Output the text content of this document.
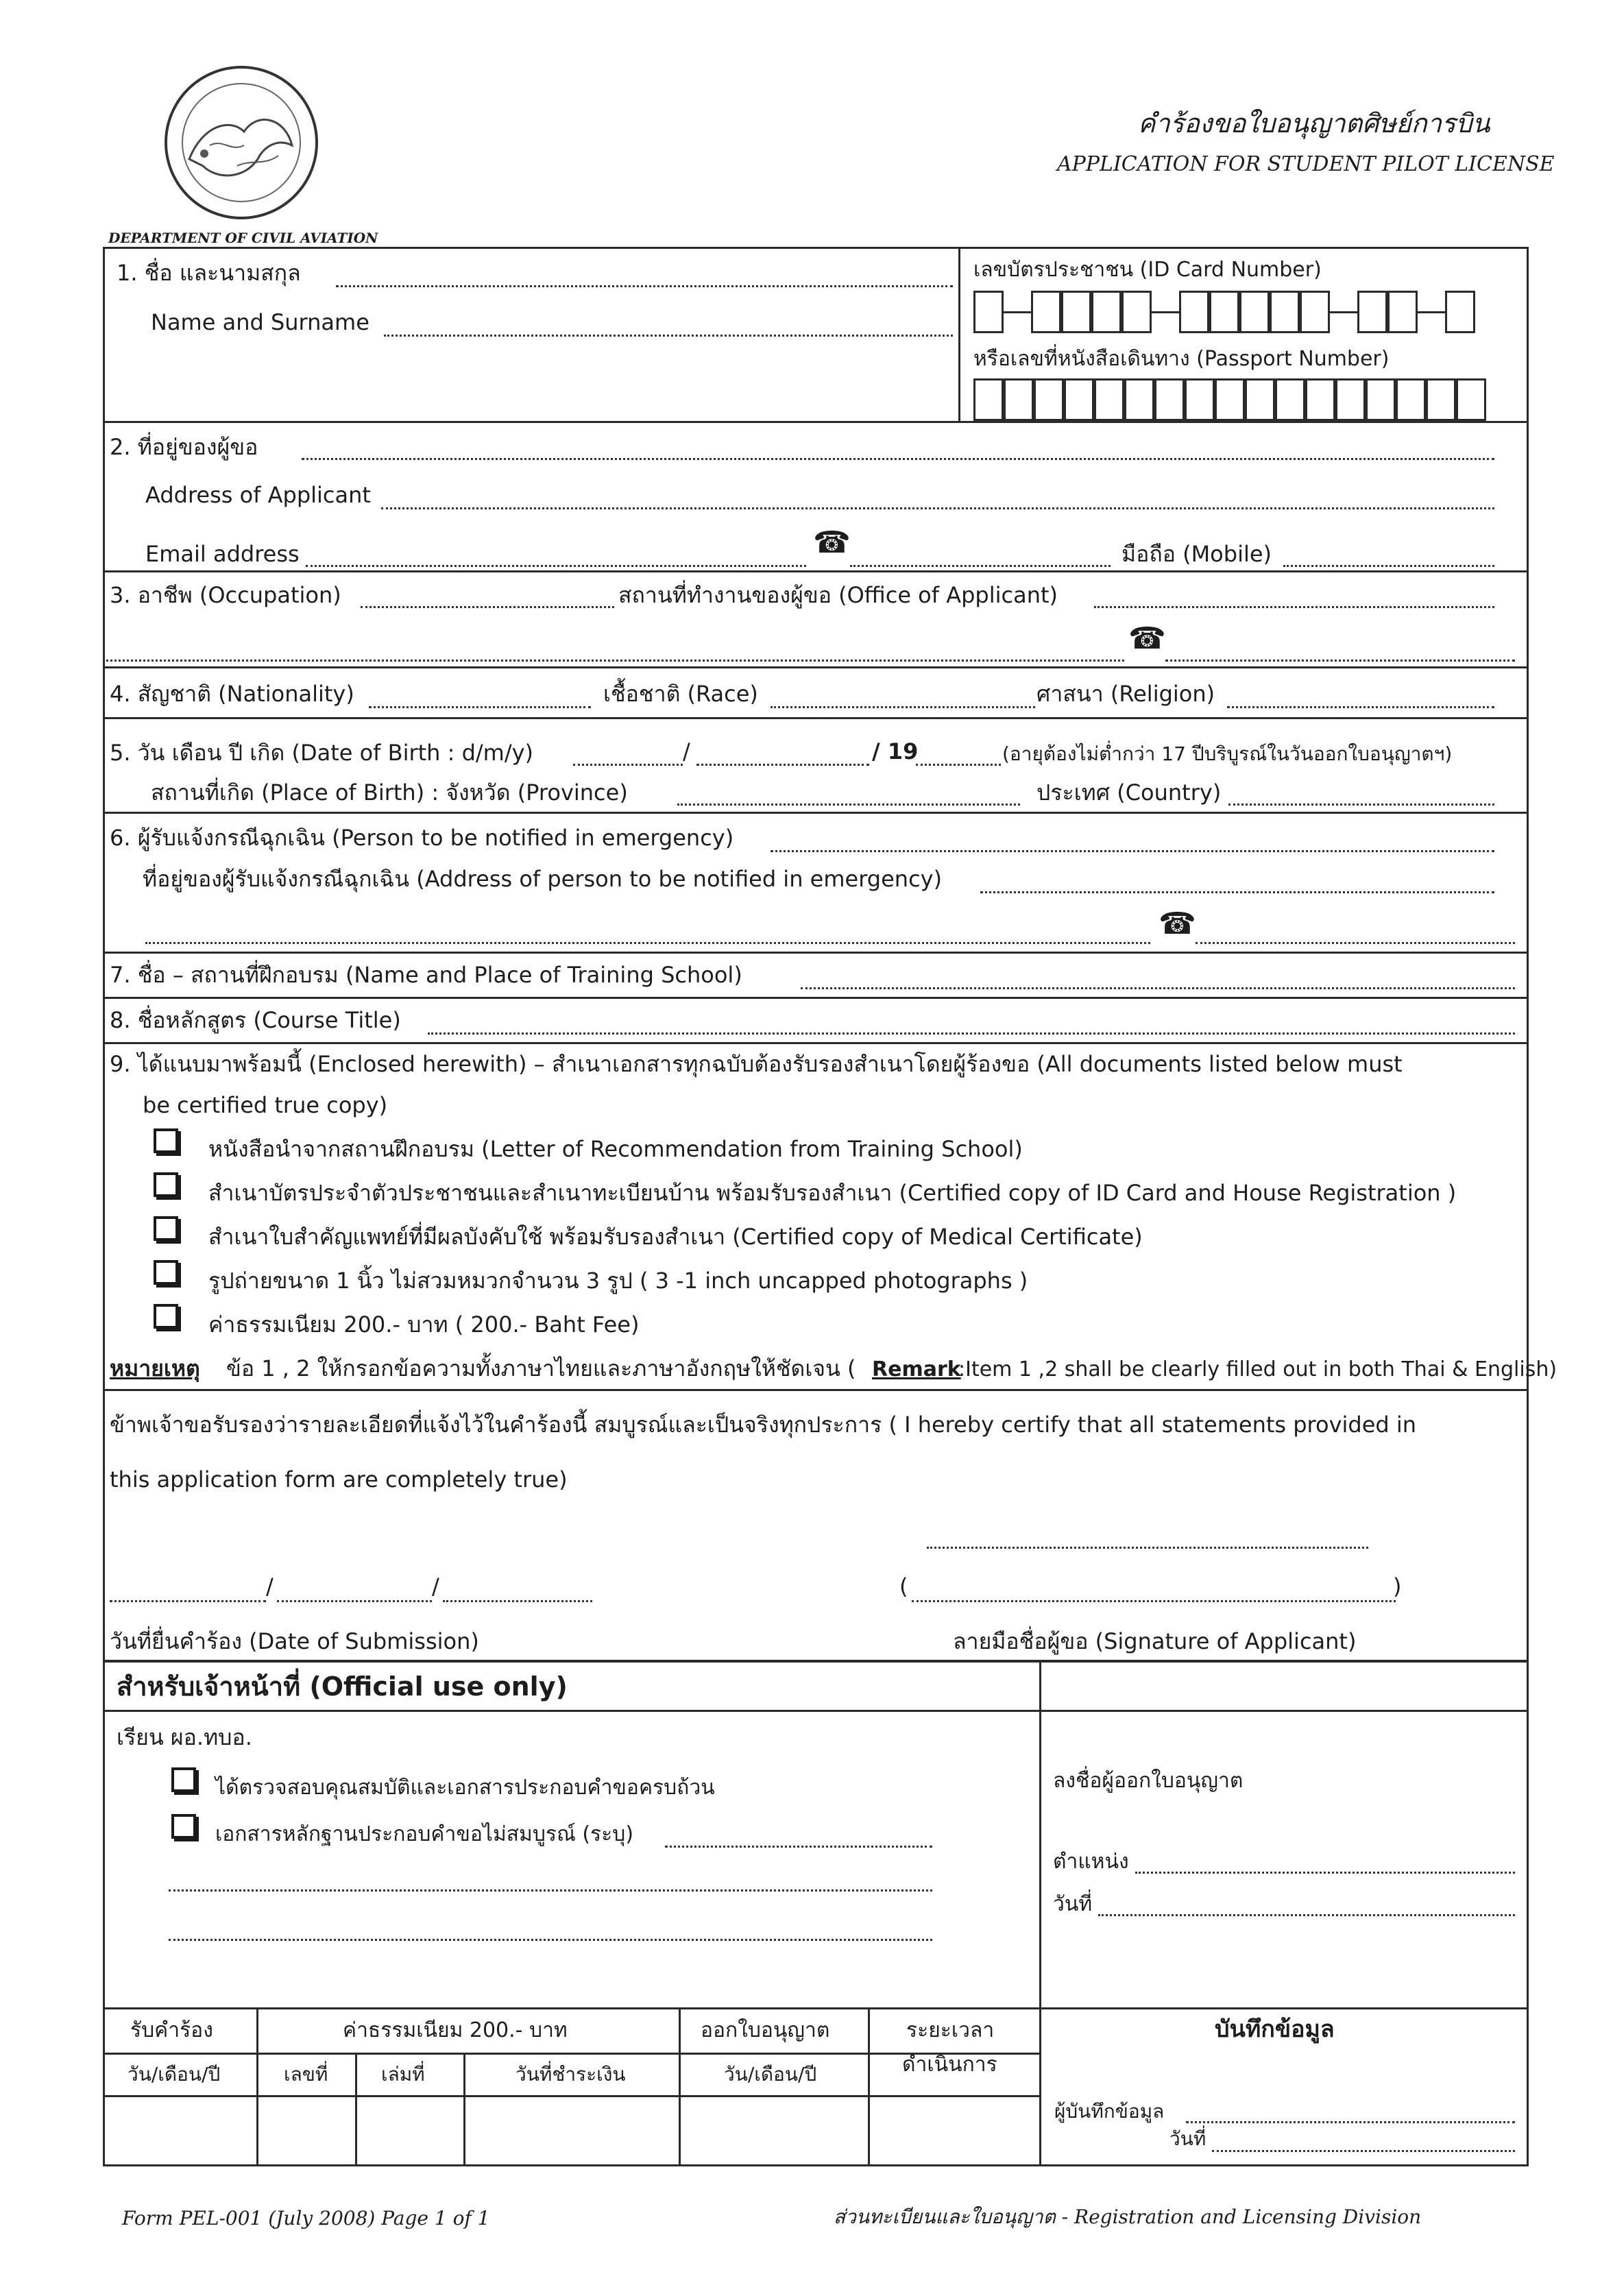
คำร้องขอใบอนุญาตศิษย์การบิน
APPLICATION FOR STUDENT PILOT LICENSE
DEPARTMENT OF CIVIL AVIATION
1. ชื่อ และนามสกุล
Name and Surname
เลขบัตรประชาชน (ID Card Number)
หรือเลขที่หนังสือเดินทาง (Passport Number)
2. ที่อยู่ของผู้ขอ
Address of Applicant
Email address	☎	มือถือ (Mobile)
3. อาชีพ (Occupation)	สถานที่ทำงานของผู้ขอ (Office of Applicant)
☎
4. สัญชาติ (Nationality)	เชื้อชาติ (Race)	ศาสนา (Religion)
5. วัน เดือน ปี เกิด (Date of Birth : d/m/y)	/	/ 19	(อายุต้องไม่ต่ำกว่า 17 ปีบริบูรณ์ในวันออกใบอนุญาตฯ)
สถานที่เกิด (Place of Birth) : จังหวัด (Province)	ประเทศ (Country)
6. ผู้รับแจ้งกรณีฉุกเฉิน (Person to be notified in emergency)
ที่อยู่ของผู้รับแจ้งกรณีฉุกเฉิน (Address of person to be notified in emergency)
☎
7. ชื่อ – สถานที่ฝึกอบรม (Name and Place of Training School)
8. ชื่อหลักสูตร (Course Title)
9. ได้แนบมาพร้อมนี้ (Enclosed herewith) – สำเนาเอกสารทุกฉบับต้องรับรองสำเนาโดยผู้ร้องขอ (All documents listed below must
be certified true copy)
หนังสือนำจากสถานฝึกอบรม (Letter of Recommendation from Training School)
สำเนาบัตรประจำตัวประชาชนและสำเนาทะเบียนบ้าน พร้อมรับรองสำเนา (Certified copy of ID Card and House Registration )
สำเนาใบสำคัญแพทย์ที่มีผลบังคับใช้ พร้อมรับรองสำเนา (Certified copy of Medical Certificate)
รูปถ่ายขนาด 1 นิ้ว ไม่สวมหมวกจำนวน 3 รูป ( 3 -1 inch uncapped photographs )
ค่าธรรมเนียม 200.- บาท ( 200.- Baht Fee)
หมายเหตุ ข้อ 1 , 2 ให้กรอกข้อความทั้งภาษาไทยและภาษาอังกฤษให้ชัดเจน ( Remark
:Item 1 ,2 shall be clearly filled out in both Thai & English)
ข้าพเจ้าขอรับรองว่ารายละเอียดที่แจ้งไว้ในคำร้องนี้ สมบูรณ์และเป็นจริงทุกประการ ( I hereby certify that all statements provided in
this application form are completely true)
/	/	(	)
วันที่ยื่นคำร้อง (Date of Submission)	ลายมือชื่อผู้ขอ (Signature of Applicant)
สำหรับเจ้าหน้าที่ (Official use only)
เรียน ผอ.ทบอ.
ได้ตรวจสอบคุณสมบัติและเอกสารประกอบคำขอครบถ้วน
เอกสารหลักฐานประกอบคำขอไม่สมบูรณ์ (ระบุ)
ลงชื่อผู้ออกใบอนุญาต
ตำแหน่ง
วันที่
รับคำร้อง	ค่าธรรมเนียม 200.- บาท	ออกใบอนุญาต	ระยะเวลา
ดำเนินการ
บันทึกข้อมูล
วัน/เดือน/ปี	เลขที่	เล่มที่	วันที่ชำระเงิน	วัน/เดือน/ปี
ผู้บันทึกข้อมูล
วันที่
Form PEL-001 (July 2008) Page 1 of 1	ส่วนทะเบียนและใบอนุญาต - Registration and Licensing Division
